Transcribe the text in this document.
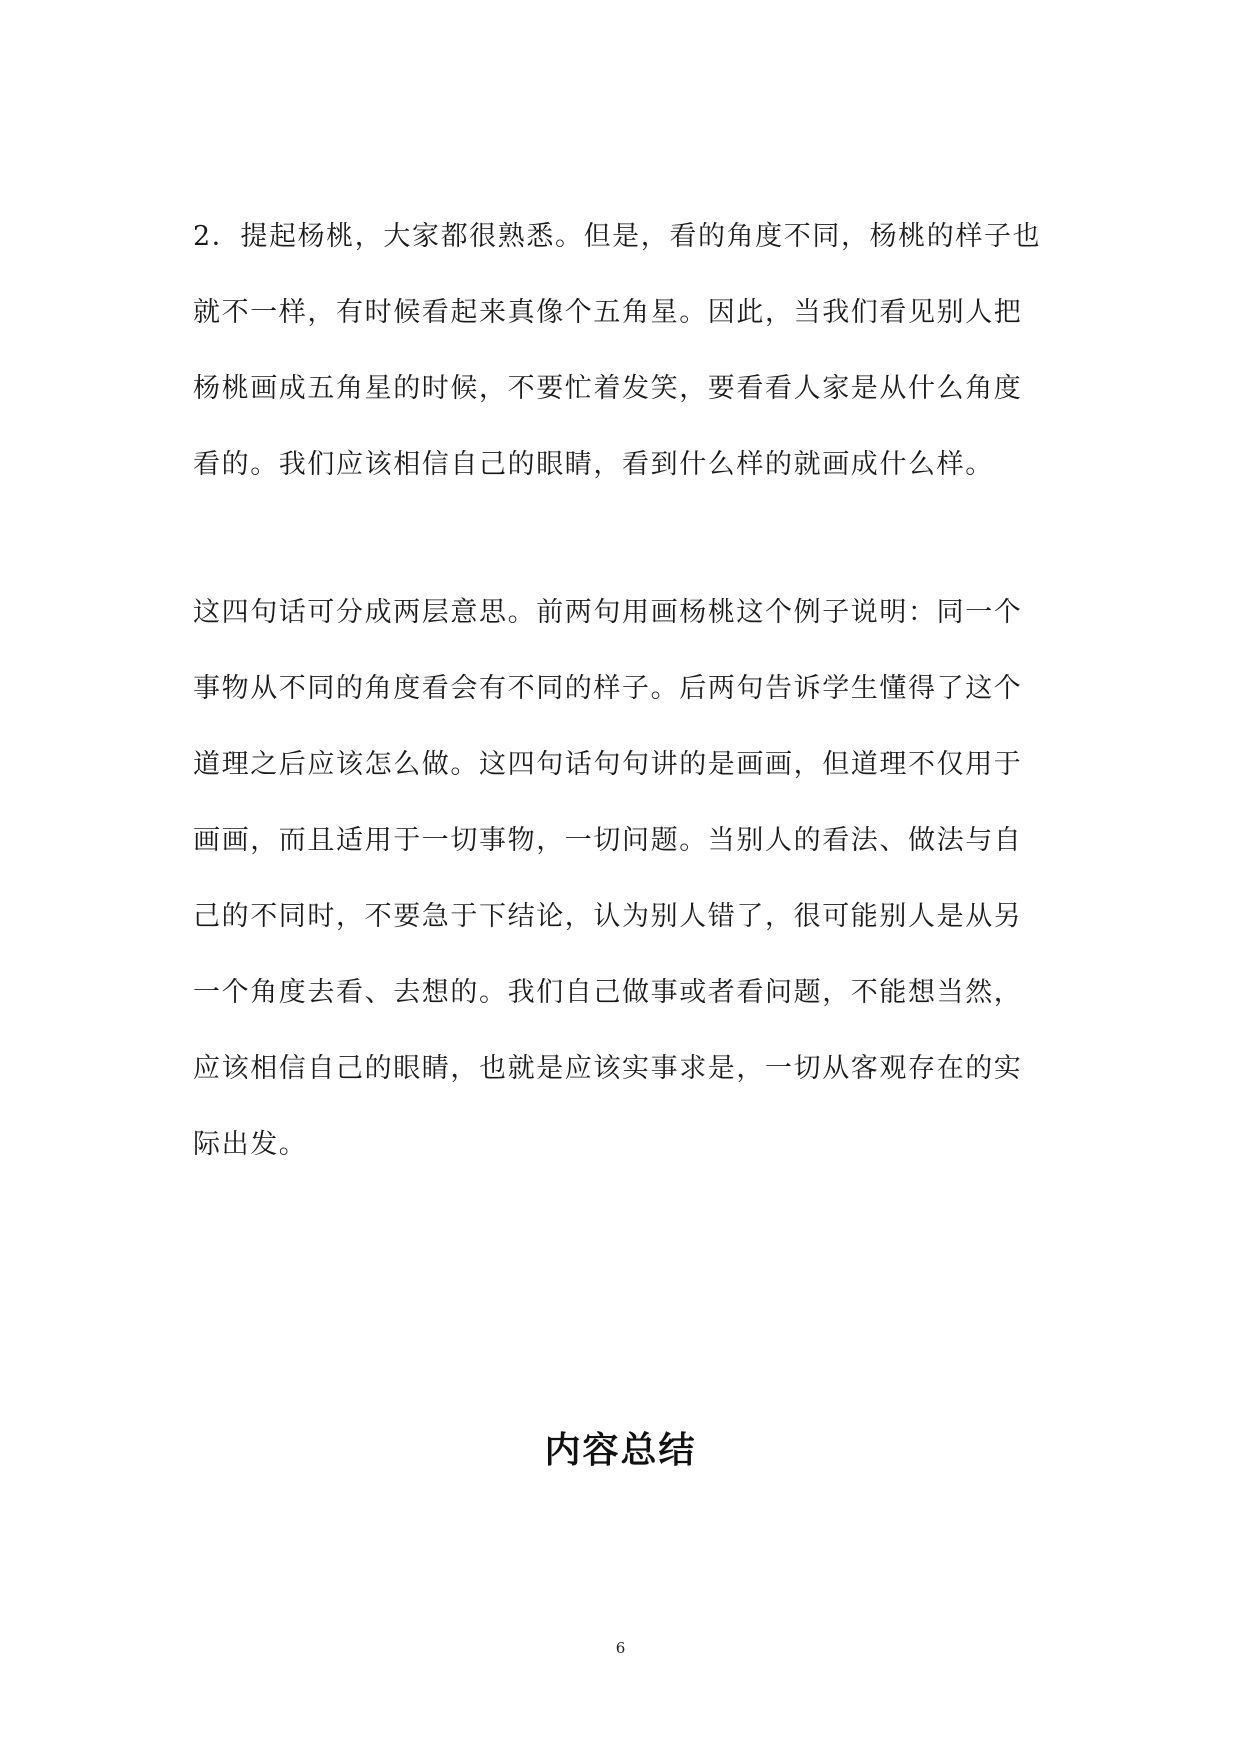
2．提起杨桃，大家都很熟悉。但是，看的角度不同，杨桃的样子也
就不一样，有时候看起来真像个五角星。因此，当我们看见别人把
杨桃画成五角星的时候，不要忙着发笑，要看看人家是从什么角度
看的。我们应该相信自己的眼睛，看到什么样的就画成什么样。
这四句话可分成两层意思。前两句用画杨桃这个例子说明：同一个
事物从不同的角度看会有不同的样子。后两句告诉学生懂得了这个
道理之后应该怎么做。这四句话句句讲的是画画，但道理不仅用于
画画，而且适用于一切事物，一切问题。当别人的看法、做法与自
己的不同时，不要急于下结论，认为别人错了，很可能别人是从另
一个角度去看、去想的。我们自己做事或者看问题，不能想当然，
应该相信自己的眼睛，也就是应该实事求是，一切从客观存在的实
际出发。
内容总结
6
